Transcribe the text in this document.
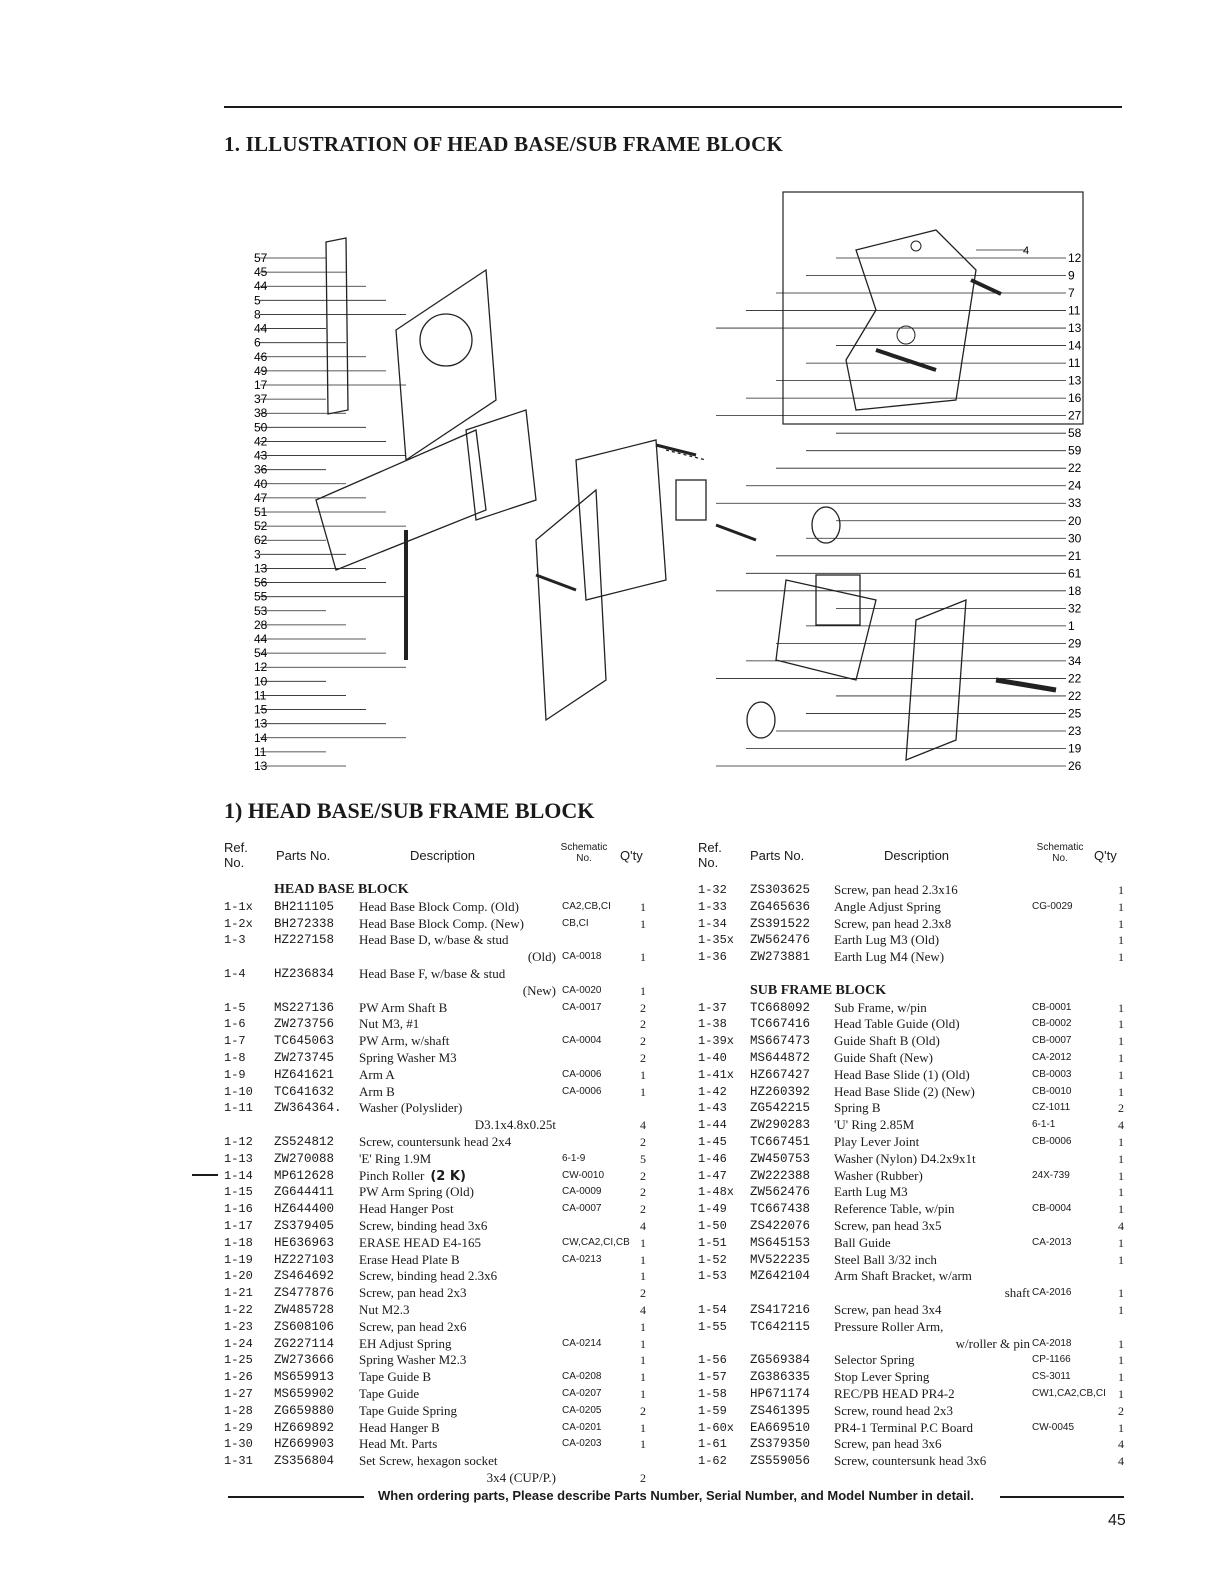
1. ILLUSTRATION OF HEAD BASE/SUB FRAME BLOCK
57
45
44
5
8
44
6
46
49
17
37
38
50
42
43
36
40
47
51
52
62
3
13
56
55
53
28
44
54
12
10
11
15
13
14
11
13
12
9
7
11
13
14
11
13
16
27
58
59
22
24
33
20
30
21
61
18
32
1
29
34
22
22
25
23
19
26
4
1) HEAD BASE/SUB FRAME BLOCK
Ref. No.	Parts No.	Description
Schematic No.	Q'ty
HEAD BASE BLOCK
1-1x BH211105 Head Base Block Comp. (Old)	CA2,CB,CI 1
1-2x BH272338 Head Base Block Comp. (New)	CB,CI	1
1-3 HZ227158 Head Base D, w/base & stud
(Old) CA-0018	1
1-4 HZ236834 Head Base F, w/base & stud
(New) CA-0020	1
1-5 MS227136 PW Arm Shaft B	CA-0017	2
1-6 ZW273756 Nut M3, #1	2
1-7 TC645063 PW Arm, w/shaft	CA-0004	2
1-8 ZW273745 Spring Washer M3	2
1-9 HZ641621 Arm A	CA-0006	1
1-10 TC641632 Arm B	CA-0006	1
1-11 ZW364364. Washer (Polyslider)
D3.1x4.8x0.25t	4
1-12 ZS524812 Screw, countersunk head 2x4	2
1-13 ZW270088 'E' Ring 1.9M	6-1-9	5
1-14 MP612628 Pinch Roller (2 K)	CW-0010	2
1-15 ZG644411 PW Arm Spring (Old)	CA-0009	2
1-16 HZ644400 Head Hanger Post	CA-0007	2
1-17 ZS379405 Screw, binding head 3x6	4
1-18 HE636963 ERASE HEAD E4-165	CW,CA2,CI,CB 1
1-19 HZ227103 Erase Head Plate B	CA-0213	1
1-20 ZS464692 Screw, binding head 2.3x6	1
1-21 ZS477876 Screw, pan head 2x3	2
1-22 ZW485728 Nut M2.3	4
1-23 ZS608106 Screw, pan head 2x6	1
1-24 ZG227114 EH Adjust Spring	CA-0214	1
1-25 ZW273666 Spring Washer M2.3	1
1-26 MS659913 Tape Guide B	CA-0208	1
1-27 MS659902 Tape Guide	CA-0207	1
1-28 ZG659880 Tape Guide Spring	CA-0205	2
1-29 HZ669892 Head Hanger B	CA-0201	1
1-30 HZ669903 Head Mt. Parts	CA-0203	1
1-31 ZS356804 Set Screw, hexagon socket
3x4 (CUP/P.)	2
Ref. No.	Parts No.	Description
Schematic No.	Q'ty
1-32 ZS303625 Screw, pan head 2.3x16	1
1-33 ZG465636 Angle Adjust Spring	CG-0029	1
1-34 ZS391522 Screw, pan head 2.3x8	1
1-35x ZW562476 Earth Lug M3 (Old)	1
1-36 ZW273881 Earth Lug M4 (New)	1
SUB FRAME BLOCK
1-37 TC668092 Sub Frame, w/pin	CB-0001	1
1-38 TC667416 Head Table Guide (Old)	CB-0002	1
1-39x MS667473 Guide Shaft B (Old)	CB-0007	1
1-40 MS644872 Guide Shaft (New)	CA-2012	1
1-41x HZ667427 Head Base Slide (1) (Old)	CB-0003	1
1-42 HZ260392 Head Base Slide (2) (New)	CB-0010	1
1-43 ZG542215 Spring B	CZ-1011	2
1-44 ZW290283 'U' Ring 2.85M	6-1-1	4
1-45 TC667451 Play Lever Joint	CB-0006	1
1-46 ZW450753 Washer (Nylon) D4.2x9x1t	1
1-47 ZW222388 Washer (Rubber)	24X-739	1
1-48x ZW562476 Earth Lug M3	1
1-49 TC667438 Reference Table, w/pin	CB-0004	1
1-50 ZS422076 Screw, pan head 3x5	4
1-51 MS645153 Ball Guide	CA-2013	1
1-52 MV522235 Steel Ball 3/32 inch	1
1-53 MZ642104 Arm Shaft Bracket, w/arm
shaft CA-2016	1
1-54 ZS417216 Screw, pan head 3x4	1
1-55 TC642115 Pressure Roller Arm,
w/roller & pin CA-2018	1
1-56 ZG569384 Selector Spring	CP-1166	1
1-57 ZG386335 Stop Lever Spring	CS-3011	1
1-58 HP671174 REC/PB HEAD PR4-2	CW1,CA2,CB,CI 1
1-59 ZS461395 Screw, round head 2x3	2
1-60x EA669510 PR4-1 Terminal P.C Board	CW-0045	1
1-61 ZS379350 Screw, pan head 3x6	4
1-62 ZS559056 Screw, countersunk head 3x6	4
When ordering parts, Please describe Parts Number, Serial Number, and Model Number in detail.
45
